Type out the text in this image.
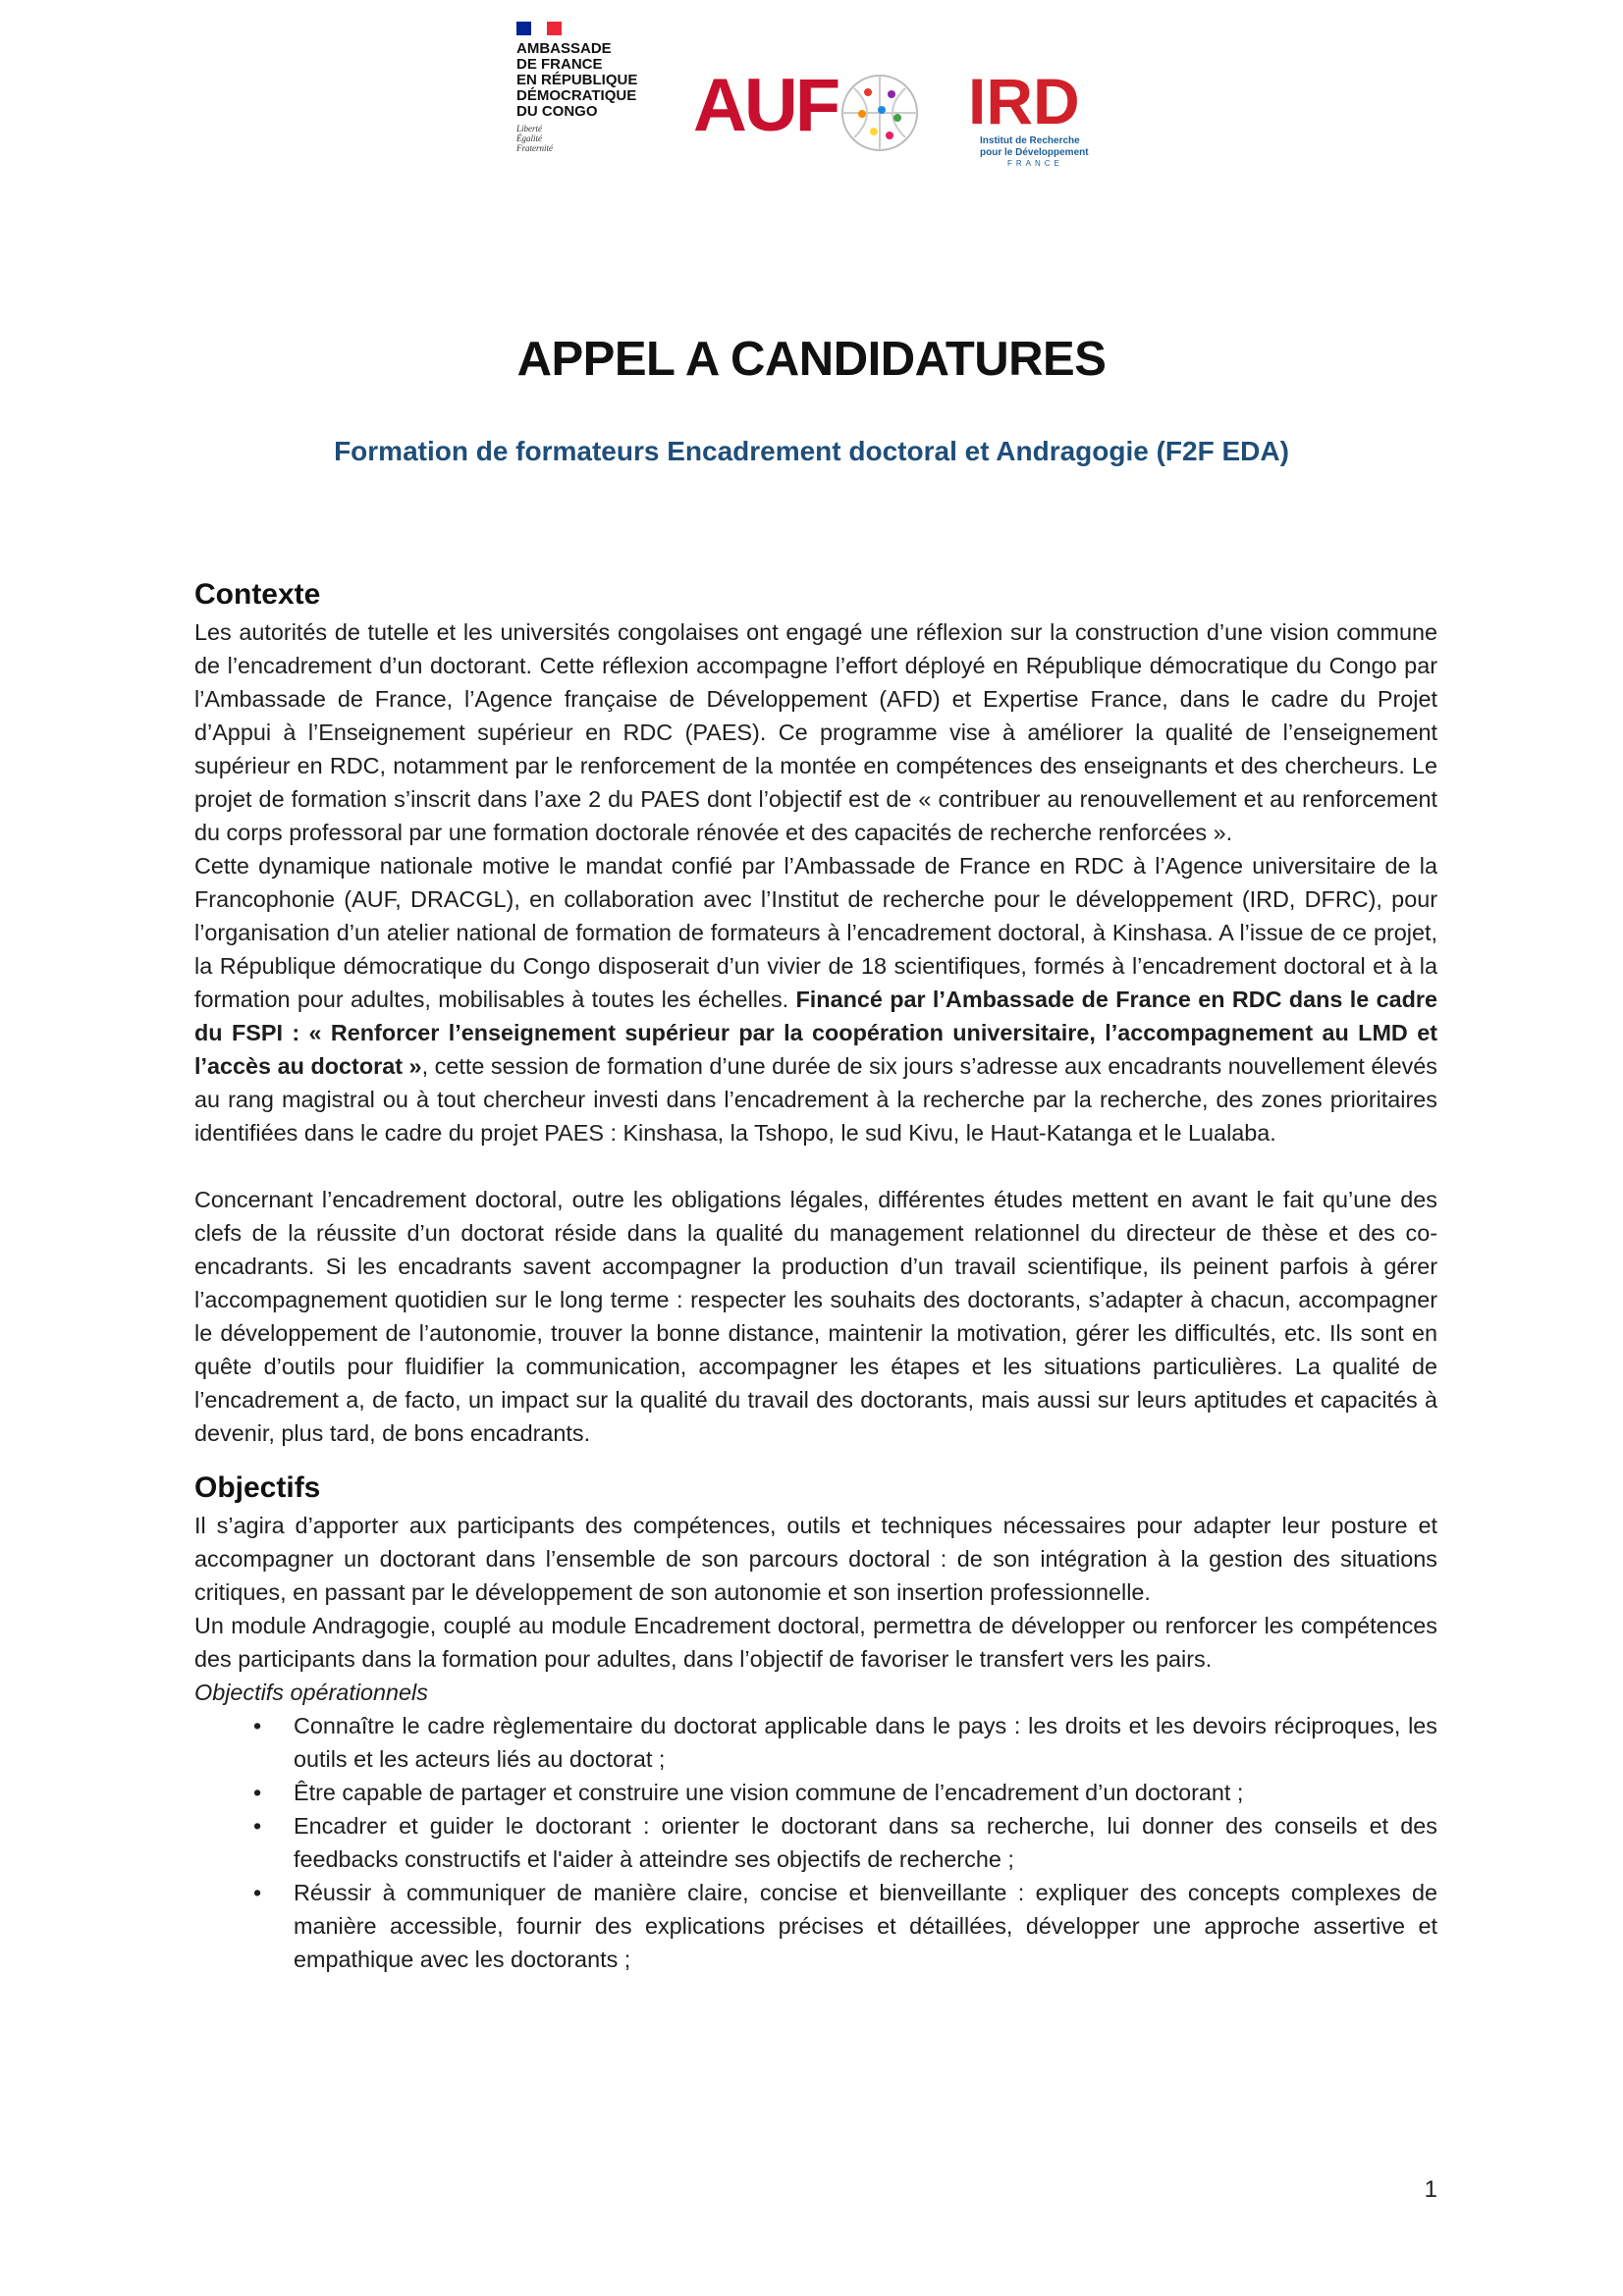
AMBASSADE
DE FRANCE
EN RÉPUBLIQUE
DÉMOCRATIQUE
DU CONGO
Liberté
Égalité
Fraternité
AUF	IRD
Institut de Recherche
pour le Développement
FRANCE
APPEL A CANDIDATURES
Formation de formateurs Encadrement doctoral et Andragogie (F2F EDA)
Contexte

Les autorités de tutelle et les universités congolaises ont engagé une réflexion sur la construction d’une vision commune de l’encadrement d’un doctorant. Cette réflexion accompagne l’effort déployé en République démocratique du Congo par l’Ambassade de France, l’Agence française de Développement (AFD) et Expertise France, dans le cadre du Projet d’Appui à l’Enseignement supérieur en RDC (PAES). Ce programme vise à améliorer la qualité de l’enseignement supérieur en RDC, notamment par le renforcement de la montée en compétences des enseignants et des chercheurs. Le projet de formation s’inscrit dans l’axe 2 du PAES dont l’objectif est de « contribuer au renouvellement et au renforcement du corps professoral par une formation doctorale rénovée et des capacités de recherche renforcées ».

Cette dynamique nationale motive le mandat confié par l’Ambassade de France en RDC à l’Agence universitaire de la Francophonie (AUF, DRACGL), en collaboration avec l’Institut de recherche pour le développement (IRD, DFRC), pour l’organisation d’un atelier national de formation de formateurs à l’encadrement doctoral, à Kinshasa. A l’issue de ce projet, la République démocratique du Congo disposerait d’un vivier de 18 scientifiques, formés à l’encadrement doctoral et à la formation pour adultes, mobilisables à toutes les échelles. Financé par l’Ambassade de France en RDC dans le cadre du FSPI : « Renforcer l’enseignement supérieur par la coopération universitaire, l’accompagnement au LMD et l’accès au doctorat », cette session de formation d’une durée de six jours s’adresse aux encadrants nouvellement élevés au rang magistral ou à tout chercheur investi dans l’encadrement à la recherche par la recherche, des zones prioritaires identifiées dans le cadre du projet PAES : Kinshasa, la Tshopo, le sud Kivu, le Haut-Katanga et le Lualaba.

Concernant l’encadrement doctoral, outre les obligations légales, différentes études mettent en avant le fait qu’une des clefs de la réussite d’un doctorat réside dans la qualité du management relationnel du directeur de thèse et des co-encadrants. Si les encadrants savent accompagner la production d’un travail scientifique, ils peinent parfois à gérer l’accompagnement quotidien sur le long terme : respecter les souhaits des doctorants, s’adapter à chacun, accompagner le développement de l’autonomie, trouver la bonne distance, maintenir la motivation, gérer les difficultés, etc. Ils sont en quête d’outils pour fluidifier la communication, accompagner les étapes et les situations particulières. La qualité de l’encadrement a, de facto, un impact sur la qualité du travail des doctorants, mais aussi sur leurs aptitudes et capacités à devenir, plus tard, de bons encadrants.

Objectifs

Il s’agira d’apporter aux participants des compétences, outils et techniques nécessaires pour adapter leur posture et accompagner un doctorant dans l’ensemble de son parcours doctoral : de son intégration à la gestion des situations critiques, en passant par le développement de son autonomie et son insertion professionnelle.

Un module Andragogie, couplé au module Encadrement doctoral, permettra de développer ou renforcer les compétences des participants dans la formation pour adultes, dans l’objectif de favoriser le transfert vers les pairs.

Objectifs opérationnels

• Connaître le cadre règlementaire du doctorat applicable dans le pays : les droits et les devoirs réciproques, les outils et les acteurs liés au doctorat ;
• Être capable de partager et construire une vision commune de l’encadrement d’un doctorant ;
• Encadrer et guider le doctorant : orienter le doctorant dans sa recherche, lui donner des conseils et des feedbacks constructifs et l'aider à atteindre ses objectifs de recherche ;
• Réussir à communiquer de manière claire, concise et bienveillante : expliquer des concepts complexes de manière accessible, fournir des explications précises et détaillées, développer une approche assertive et empathique avec les doctorants ;
1
